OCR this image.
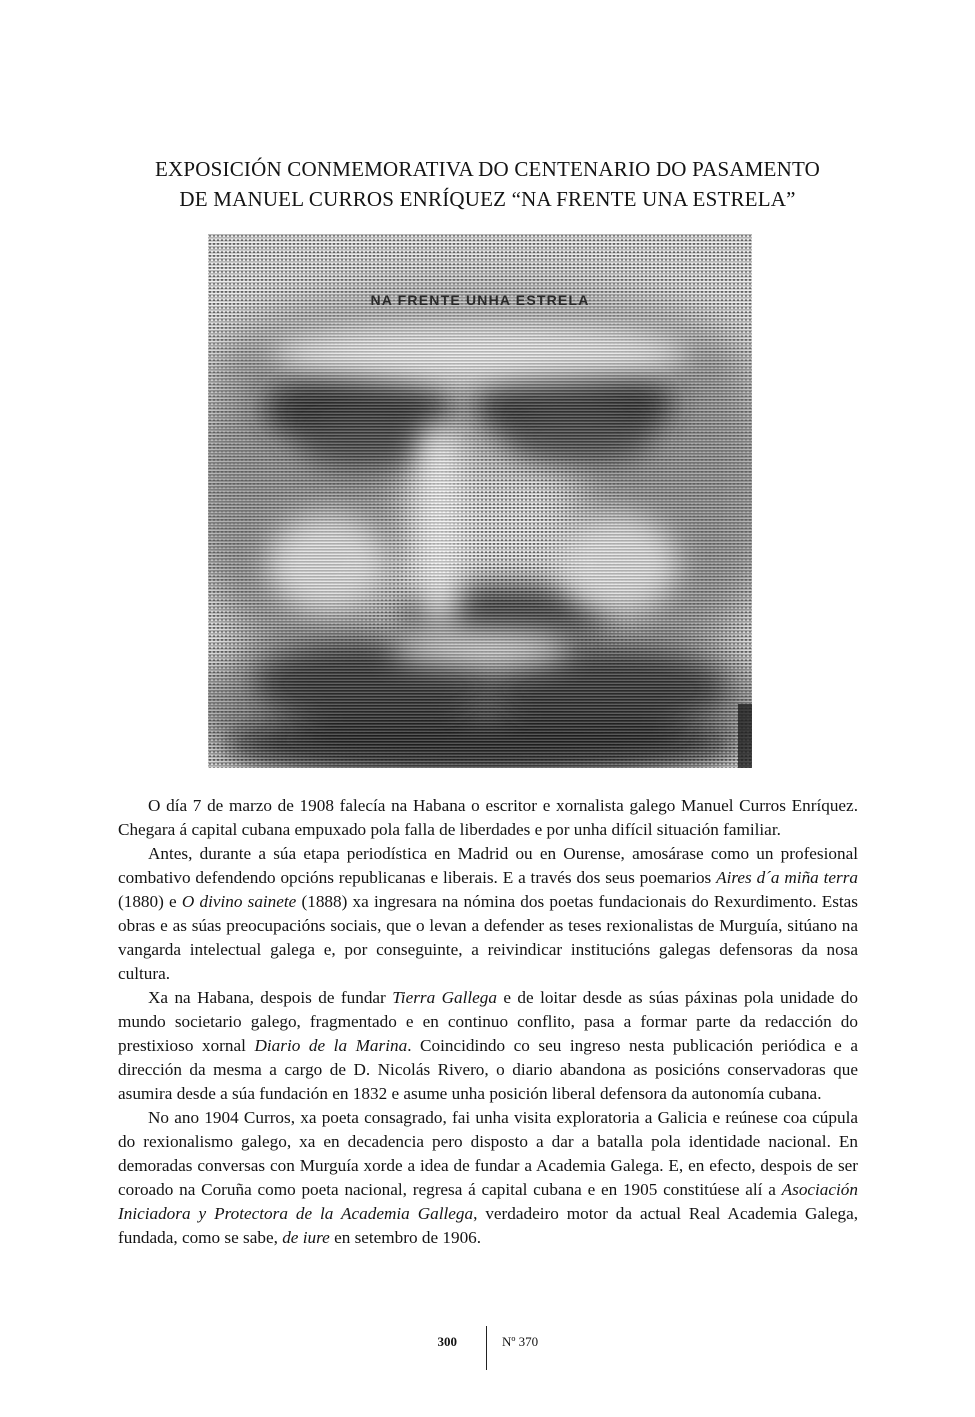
EXPOSICIÓN CONMEMORATIVA DO CENTENARIO DO PASAMENTO
DE MANUEL CURROS ENRÍQUEZ “NA FRENTE UNA ESTRELA”
NA FRENTE UNHA ESTRELA

O día 7 de marzo de 1908 falecía na Habana o escritor e xornalista galego Manuel Curros Enríquez. Chegara á capital cubana empuxado pola falla de liberdades e por unha difícil situación familiar.

Antes, durante a súa etapa periodística en Madrid ou en Ourense, amosárase como un profesional combativo defendendo opcións republicanas e liberais. E a través dos seus poemarios Aires d´a miña terra (1880) e O divino sainete (1888) xa ingresara na nómina dos poetas fundacionais do Rexurdimento. Estas obras e as súas preocupacións sociais, que o levan a defender as teses rexionalistas de Murguía, sitúano na vangarda intelectual galega e, por conseguinte, a reivindicar institucións galegas defensoras da nosa cultura.

Xa na Habana, despois de fundar Tierra Gallega e de loitar desde as súas páxinas pola unidade do mundo societario galego, fragmentado e en continuo conflito, pasa a formar parte da redacción do prestixioso xornal Diario de la Marina. Coincidindo co seu ingreso nesta publicación periódica e a dirección da mesma a cargo de D. Nicolás Rivero, o diario abandona as posicións conservadoras que asumira desde a súa fundación en 1832 e asume unha posición liberal defensora da autonomía cubana.

No ano 1904 Curros, xa poeta consagrado, fai unha visita exploratoria a Galicia e reúnese coa cúpula do rexionalismo galego, xa en decadencia pero disposto a dar a batalla pola identidade nacional. En demoradas conversas con Murguía xorde a idea de fundar a Academia Galega. E, en efecto, despois de ser coroado na Coruña como poeta nacional, regresa á capital cubana e en 1905 constitúese alí a Asociación Iniciadora y Protectora de la Academia Gallega, verdadeiro motor da actual Real Academia Galega, fundada, como se sabe, de iure en setembro de 1906.

300	Nº 370
